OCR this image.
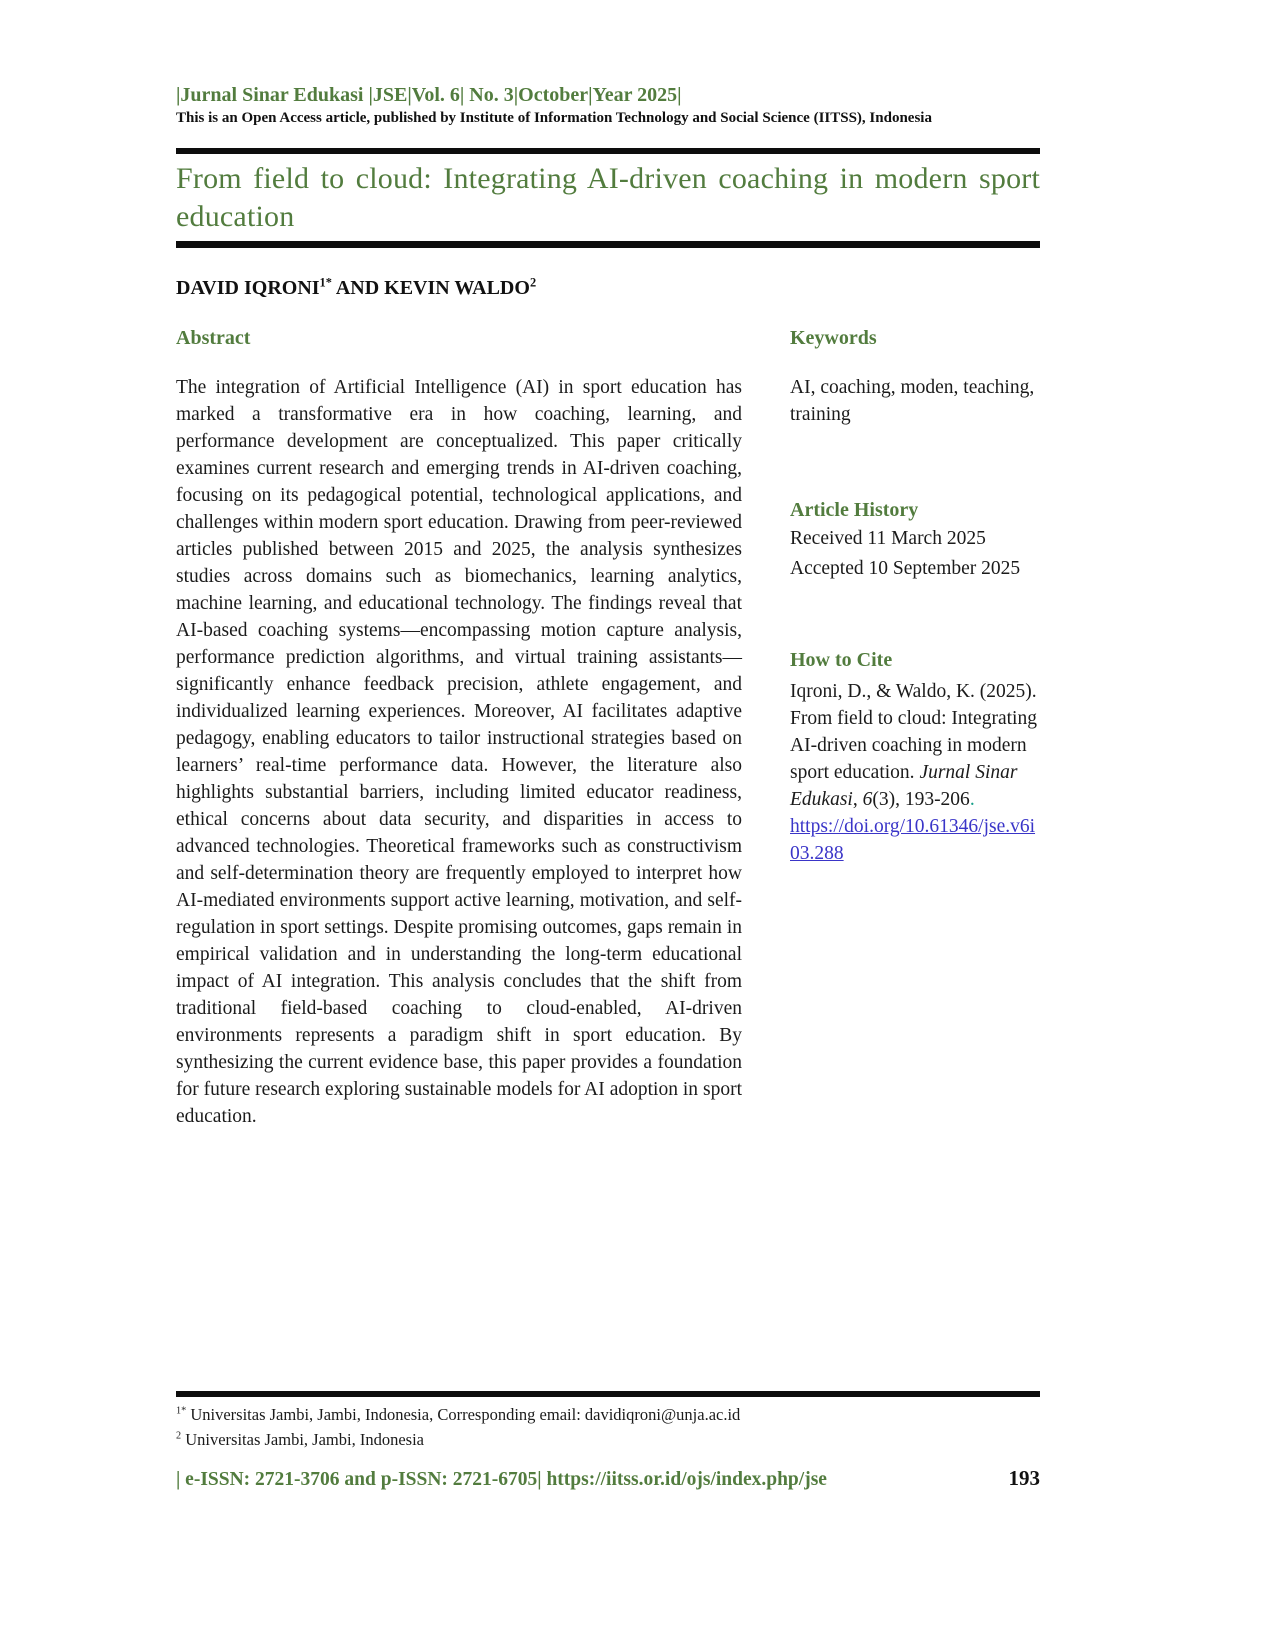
|Jurnal Sinar Edukasi |JSE|Vol. 6| No. 3|October|Year 2025|
This is an Open Access article, published by Institute of Information Technology and Social Science (IITSS), Indonesia
From field to cloud: Integrating AI-driven coaching in modern sport education
DAVID $IQRONI^{1*}$ AND KEVIN WALDO$^2$
Abstract

The integration of Artificial Intelligence (AI) in sport education has marked a transformative era in how coaching, learning, and performance development are conceptualized. This paper critically examines current research and emerging trends in AI-driven coaching, focusing on its pedagogical potential, technological applications, and challenges within modern sport education. Drawing from peer-reviewed articles published between 2015 and 2025, the analysis synthesizes studies across domains such as biomechanics, learning analytics, machine learning, and educational technology. The findings reveal that AI-based coaching systems—encompassing motion capture analysis, performance prediction algorithms, and virtual training assistants—significantly enhance feedback precision, athlete engagement, and individualized learning experiences. Moreover, AI facilitates adaptive pedagogy, enabling educators to tailor instructional strategies based on learners’ real-time performance data. However, the literature also highlights substantial barriers, including limited educator readiness, ethical concerns about data security, and disparities in access to advanced technologies. Theoretical frameworks such as constructivism and self-determination theory are frequently employed to interpret how AI-mediated environments support active learning, motivation, and self-regulation in sport settings. Despite promising outcomes, gaps remain in empirical validation and in understanding the long-term educational impact of AI integration. This analysis concludes that the shift from traditional field-based coaching to cloud-enabled, AI-driven environments represents a paradigm shift in sport education. By synthesizing the current evidence base, this paper provides a foundation for future research exploring sustainable models for AI adoption in sport education.

Keywords

AI, coaching, moden, teaching, training

Article History

Received 11 March 2025

Accepted 10 September 2025

How to Cite

Iqroni, D., & Waldo, K. (2025). From field to cloud: Integrating AI-driven coaching in modern sport education. Jurnal Sinar Edukasi, 6(3), 193-206. https://doi.org/10.61346/jse.v6i03.288

$^{1*}$ Universitas Jambi, Jambi, Indonesia, Corresponding email: davidiqroni@unja.ac.id
$^2$ Universitas Jambi, Jambi, Indonesia
| e-ISSN: 2721-3706 and p-ISSN: 2721-6705| https://iitss.or.id/ojs/index.php/jse	193
